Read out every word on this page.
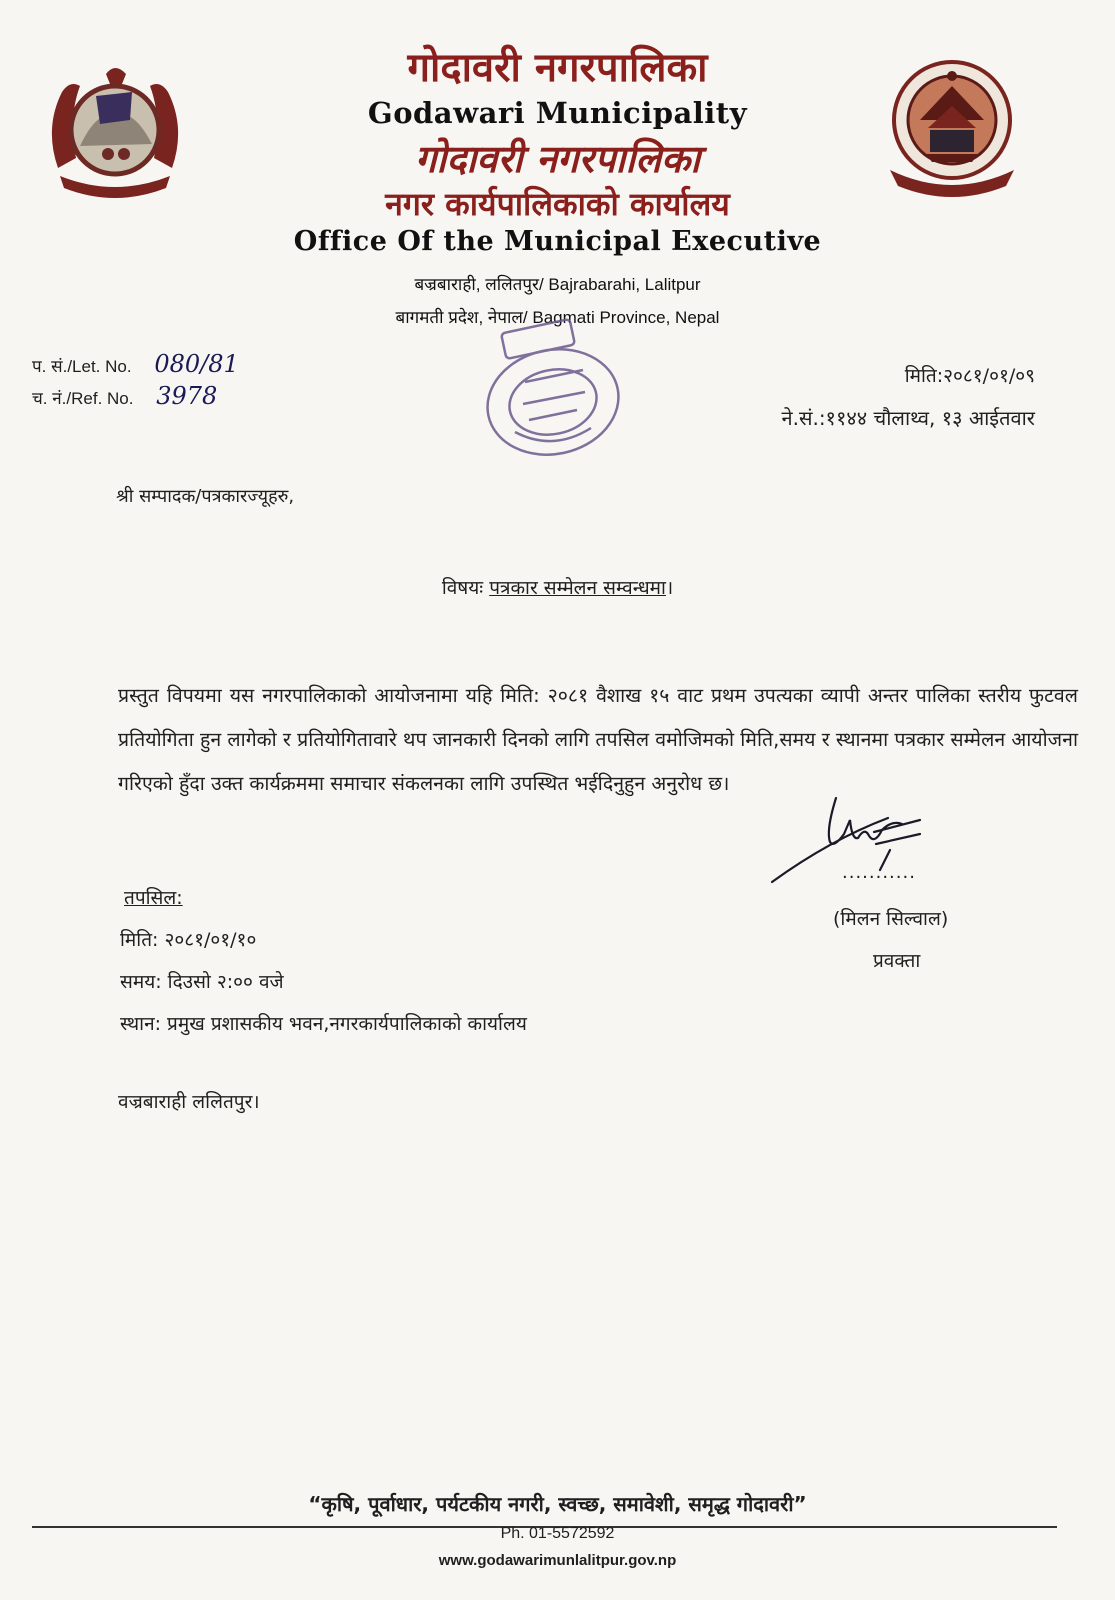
गोदावरी नगरपालिका
Godawari Municipality
गोदावरी नगरपालिका
नगर कार्यपालिकाको कार्यालय
Office Of the Municipal Executive
बज्रबाराही, ललितपुर/ Bajrabarahi, Lalitpur
बागमती प्रदेश, नेपाल/ Bagmati Province, Nepal
प. सं./Let. No. 080/81
च. नं./Ref. No. 3978
मिति:२०८१/०१/०९
ने.सं.:११४४ चौलाथ्व, १३ आईतवार
श्री सम्पादक/पत्रकारज्यूहरु,
विषयः पत्रकार सम्मेलन सम्वन्धमा।
प्रस्तुत विपयमा यस नगरपालिकाको आयोजनामा यहि मिति: २०८१ वैशाख १५ वाट प्रथम उपत्यका व्यापी अन्तर पालिका स्तरीय फुटवल प्रतियोगिता हुन लागेको र प्रतियोगितावारे थप जानकारी दिनको लागि तपसिल वमोजिमको मिति,समय र स्थानमा पत्रकार सम्मेलन आयोजना गरिएको हुँदा उक्त कार्यक्रममा समाचार संकलनका लागि उपस्थित भईदिनुहुन अनुरोध छ।
तपसिल:
मिति: २०८१/०१/१०
समय: दिउसो २:०० वजे
स्थान: प्रमुख प्रशासकीय भवन,नगरकार्यपालिकाको कार्यालय
वज्रबाराही ललितपुर।
...........
(मिलन सिल्वाल)
प्रवक्ता
“कृषि, पूर्वाधार, पर्यटकीय नगरी, स्वच्छ, समावेशी, समृद्ध गोदावरी”
Ph. 01-5572592
www.godawarimunlalitpur.gov.np
